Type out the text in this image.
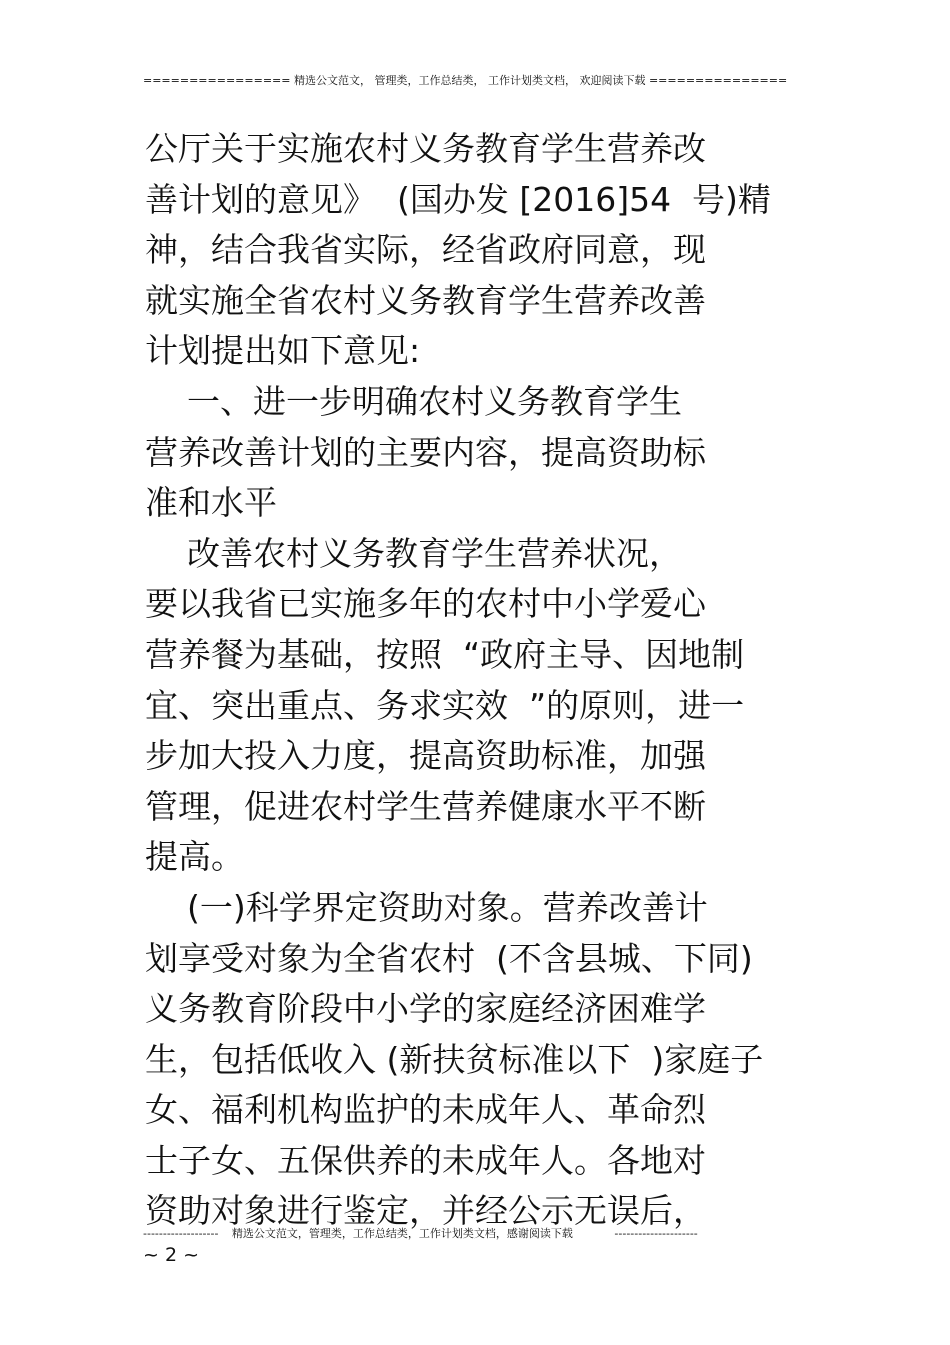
================ 精选公文范文， 管理类，工作总结类， 工作计划类文档， 欢迎阅读下载 ===============
公厅关于实施农村义务教育学生营养改
善计划的意见》  (国办发 [2016]54  号)精
神，结合我省实际，经省政府同意，现
就实施全省农村义务教育学生营养改善
计划提出如下意见:
一、进一步明确农村义务教育学生
营养改善计划的主要内容，提高资助标
准和水平
改善农村义务教育学生营养状况，
要以我省已实施多年的农村中小学爱心
营养餐为基础，按照  “政府主导、因地制
宜、突出重点、务求实效  ”的原则，进一
步加大投入力度，提高资助标准，加强
管理，促进农村学生营养健康水平不断
提高。
(一)科学界定资助对象。营养改善计
划享受对象为全省农村  (不含县城、下同)
义务教育阶段中小学的家庭经济困难学
生，包括低收入 (新扶贫标准以下  )家庭子
女、福利机构监护的未成年人、革命烈
士子女、五保供养的未成年人。各地对
资助对象进行鉴定，并经公示无误后，
------------------- 精选公文范文，管理类，工作总结类，工作计划类文档，感谢阅读下载	---------------------
~ 2 ~
